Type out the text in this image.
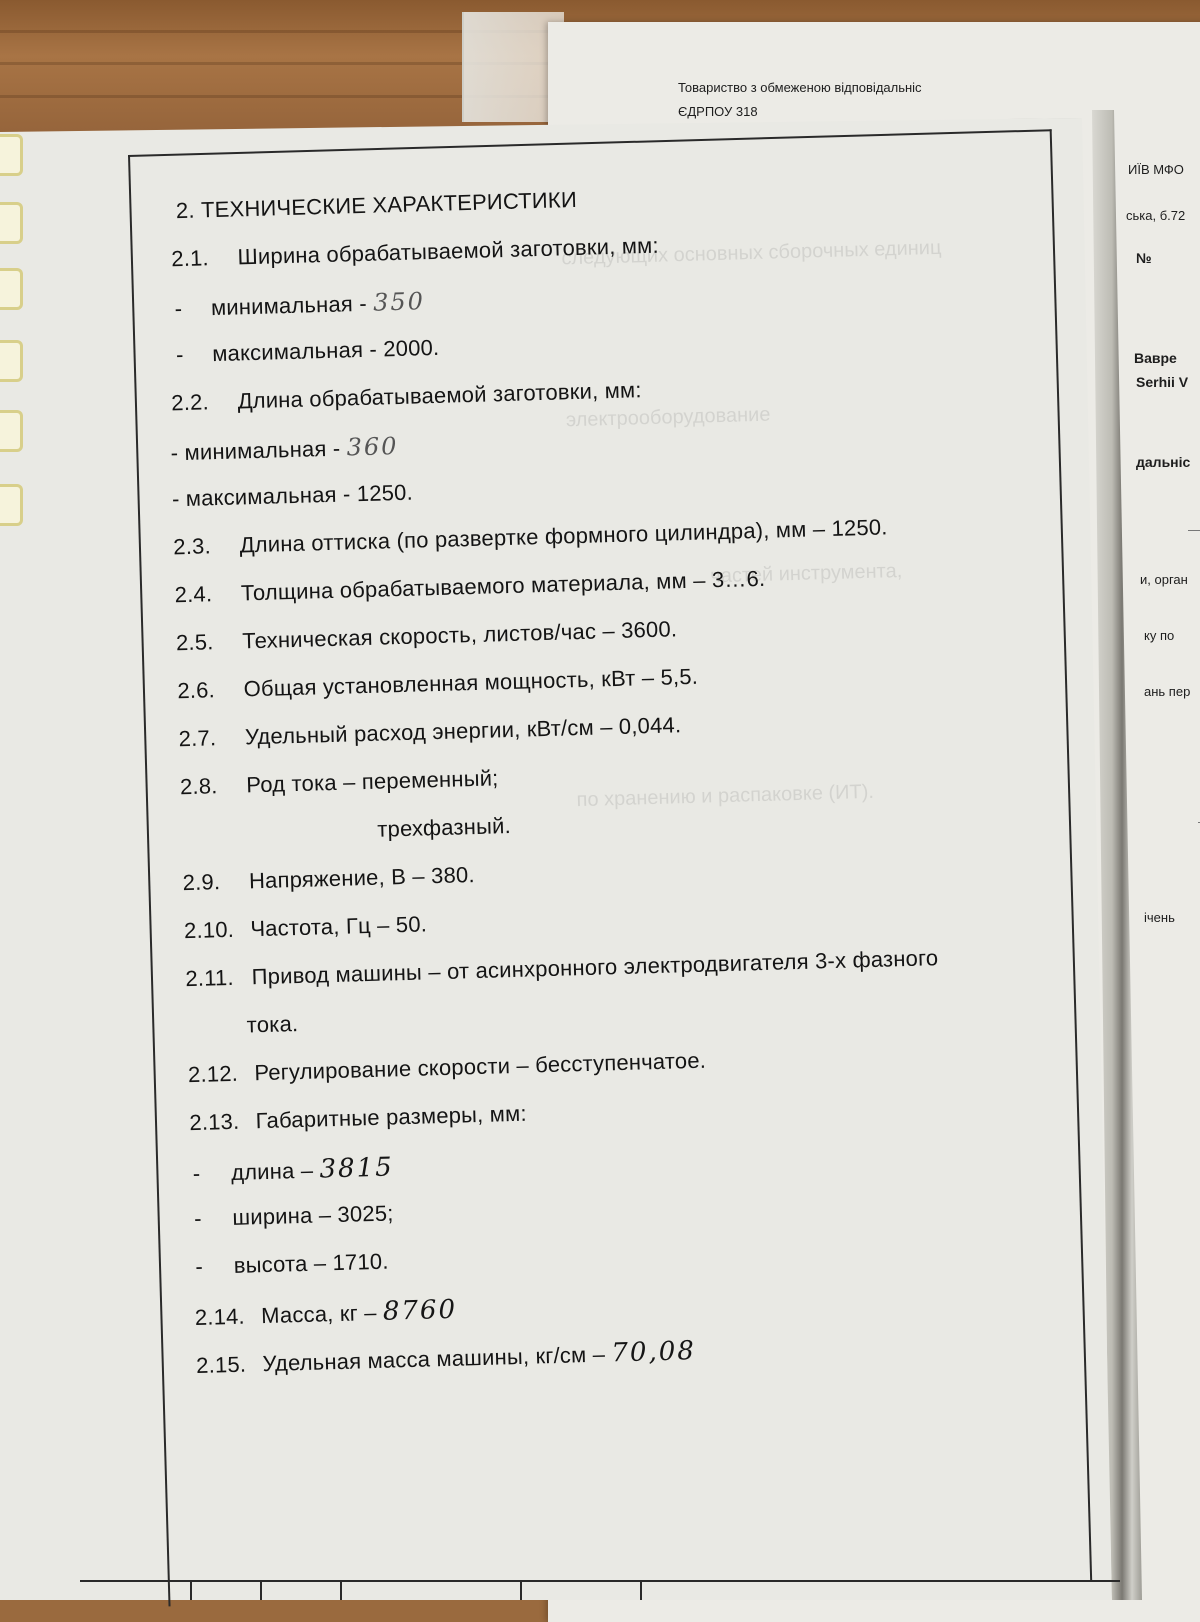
Товариство з обмеженою відповідальніс
ЄДРПОУ 318
ИЇВ МФО
ська, б.72
№
Вавре
Serhii V
дальніс
и, орган
ку по
ань пер
ічень
следующих основных сборочных единиц
электрооборудование
частей инструмента,
по хранению и распаковке (ИТ).
2. ТЕХНИЧЕСКИЕ ХАРАКТЕРИСТИКИ
2.1. Ширина обрабатываемой заготовки, мм:
- минимальная - 350
- максимальная - 2000.
2.2. Длина обрабатываемой заготовки, мм:
- минимальная - 360
- максимальная - 1250.
2.3. Длина оттиска (по развертке формного цилиндра), мм – 1250.
2.4. Толщина обрабатываемого материала, мм – 3…6.
2.5. Техническая скорость, листов/час – 3600.
2.6. Общая установленная мощность, кВт – 5,5.
2.7. Удельный расход энергии, кВт/см – 0,044.
2.8. Род тока – переменный;
трехфазный.
2.9. Напряжение, В – 380.
2.10. Частота, Гц – 50.
2.11. Привод машины – от асинхронного электродвигателя 3-х фазного
тока.
2.12. Регулирование скорости – бесступенчатое.
2.13. Габаритные размеры, мм:
- длина – 3815
- ширина – 3025;
- высота – 1710.
2.14. Масса, кг – 8760
2.15. Удельная масса машины, кг/см – 70,08
